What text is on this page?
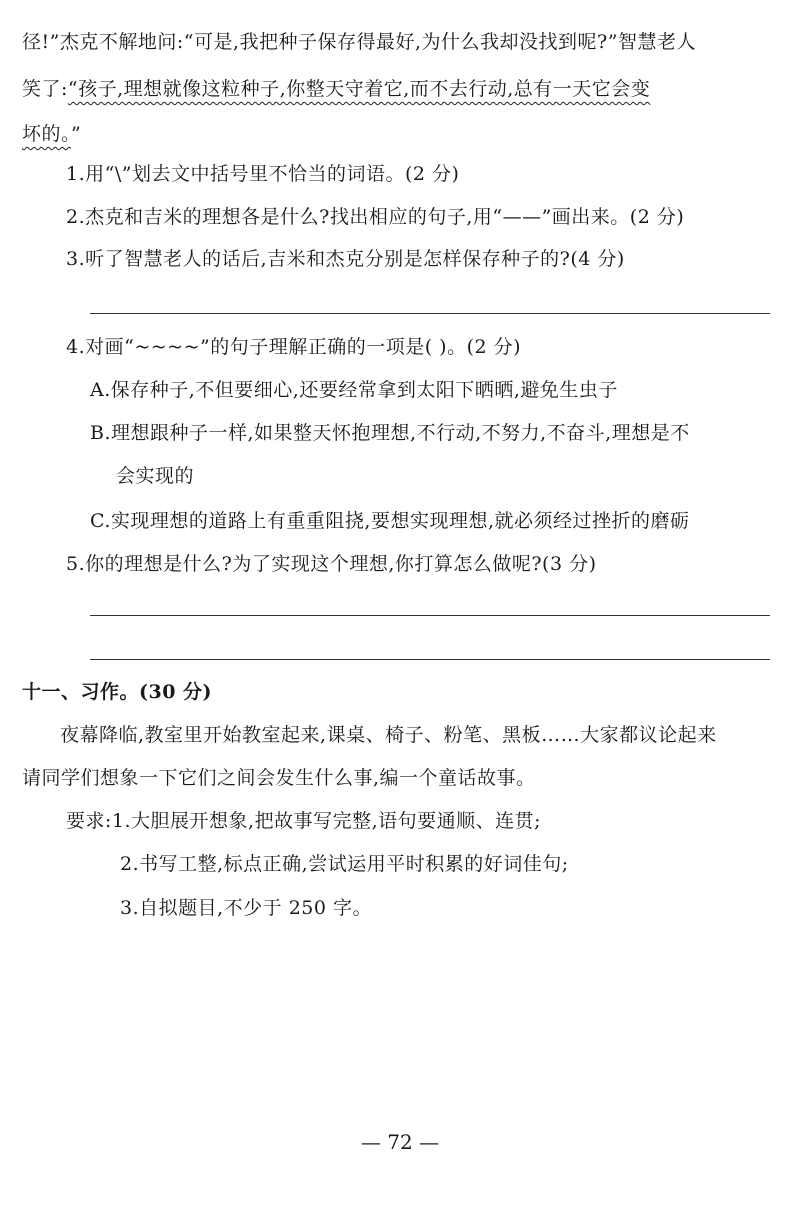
径!”杰克不解地问:“可是,我把种子保存得最好,为什么我却没找到呢?”智慧老人
笑了:“孩子,理想就像这粒种子,你整天守着它,而不去行动,总有一天它会变
坏的。”
1.用“\”划去文中括号里不恰当的词语。(2 分)
2.杰克和吉米的理想各是什么?找出相应的句子,用“——”画出来。(2 分)
3.听了智慧老人的话后,吉米和杰克分别是怎样保存种子的?(4 分)
4.对画“~~~~”的句子理解正确的一项是( )。(2 分)
A.保存种子,不但要细心,还要经常拿到太阳下晒晒,避免生虫子
B.理想跟种子一样,如果整天怀抱理想,不行动,不努力,不奋斗,理想是不
会实现的
C.实现理想的道路上有重重阻挠,要想实现理想,就必须经过挫折的磨砺
5.你的理想是什么?为了实现这个理想,你打算怎么做呢?(3 分)
十一、习作。(30 分)
夜幕降临,教室里开始教室起来,课桌、椅子、粉笔、黑板……大家都议论起来
请同学们想象一下它们之间会发生什么事,编一个童话故事。
要求:1.大胆展开想象,把故事写完整,语句要通顺、连贯;
2.书写工整,标点正确,尝试运用平时积累的好词佳句;
3.自拟题目,不少于 250 字。
— 72 —
